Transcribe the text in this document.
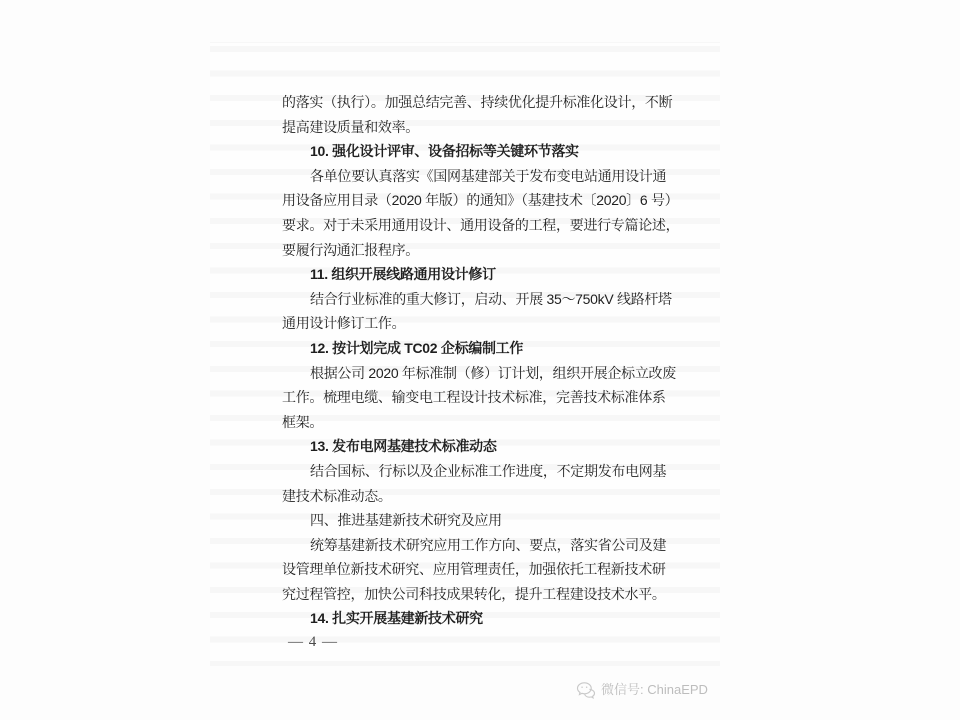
的落实（执行）。加强总结完善、持续优化提升标准化设计，不断
提高建设质量和效率。
10. 强化设计评审、设备招标等关键环节落实
各单位要认真落实《国网基建部关于发布变电站通用设计通
用设备应用目录（2020 年版）的通知》（基建技术〔2020〕6 号）
要求。对于未采用通用设计、通用设备的工程，要进行专篇论述，
要履行沟通汇报程序。
11. 组织开展线路通用设计修订
结合行业标准的重大修订，启动、开展 35～750kV 线路杆塔
通用设计修订工作。
12. 按计划完成 TC02 企标编制工作
根据公司 2020 年标准制（修）订计划，组织开展企标立改废
工作。梳理电缆、输变电工程设计技术标准，完善技术标准体系
框架。
13. 发布电网基建技术标准动态
结合国标、行标以及企业标准工作进度，不定期发布电网基
建技术标准动态。
四、推进基建新技术研究及应用
统筹基建新技术研究应用工作方向、要点，落实省公司及建
设管理单位新技术研究、应用管理责任，加强依托工程新技术研
究过程管控，加快公司科技成果转化，提升工程建设技术水平。
14. 扎实开展基建新技术研究
— 4 —
微信号: ChinaEPD
